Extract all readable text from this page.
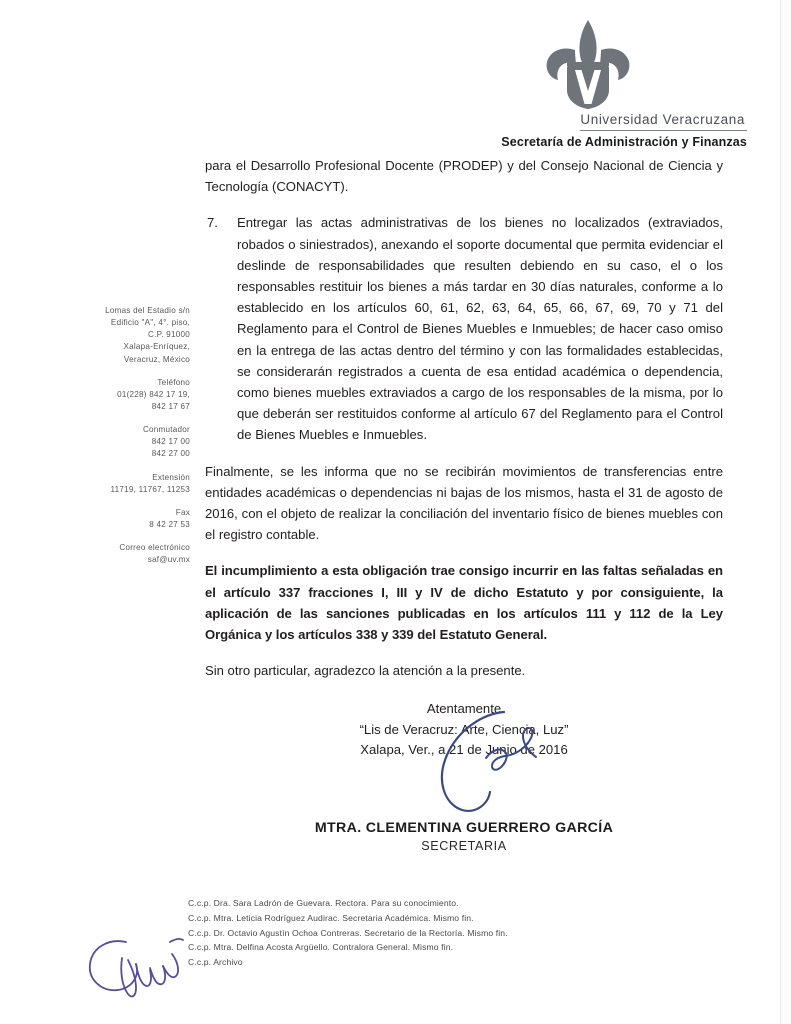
Universidad Veracruzana
Secretaría de Administración y Finanzas
Lomas del Estadio s/n
Edificio "A", 4°. piso,
C.P. 91000
Xalapa-Enríquez,
Veracruz, México
Teléfono
01(228) 842 17 19,
842 17 67
Conmutador
842 17 00
842 27 00
Extensión
11719, 11767, 11253
Fax
8 42 27 53
Correo electrónico
saf@uv.mx

para el Desarrollo Profesional Docente (PRODEP) y del Consejo Nacional de Ciencia y Tecnología (CONACYT).

7.	Entregar las actas administrativas de los bienes no localizados (extraviados, robados o siniestrados), anexando el soporte documental que permita evidenciar el deslinde de responsabilidades que resulten debiendo en su caso, el o los responsables restituir los bienes a más tardar en 30 días naturales, conforme a lo establecido en los artículos 60, 61, 62, 63, 64, 65, 66, 67, 69, 70 y 71 del Reglamento para el Control de Bienes Muebles e Inmuebles; de hacer caso omiso en la entrega de las actas dentro del término y con las formalidades establecidas, se considerarán registrados a cuenta de esa entidad académica o dependencia, como bienes muebles extraviados a cargo de los responsables de la misma, por lo que deberán ser restituidos conforme al artículo 67 del Reglamento para el Control de Bienes Muebles e Inmuebles.

Finalmente, se les informa que no se recibirán movimientos de transferencias entre entidades académicas o dependencias ni bajas de los mismos, hasta el 31 de agosto de 2016, con el objeto de realizar la conciliación del inventario físico de bienes muebles con el registro contable.

El incumplimiento a esta obligación trae consigo incurrir en las faltas señaladas en el artículo 337 fracciones I, III y IV de dicho Estatuto y por consiguiente, la aplicación de las sanciones publicadas en los artículos 111 y 112 de la Ley Orgánica y los artículos 338 y 339 del Estatuto General.

Sin otro particular, agradezco la atención a la presente.

Atentamente
“Lis de Veracruz: Arte, Ciencia, Luz”
Xalapa, Ver., a 21 de Junio de 2016
MTRA. CLEMENTINA GUERRERO GARCÍA
SECRETARIA
C.c.p. Dra. Sara Ladrón de Guevara. Rectora. Para su conocimiento.
C.c.p. Mtra. Leticia Rodríguez Audirac. Secretaria Académica. Mismo fin.
C.c.p. Dr. Octavio Agustín Ochoa Contreras. Secretario de la Rectoría. Mismo fin.
C.c.p. Mtra. Delfina Acosta Argüello. Contralora General. Mismo fin.
C.c.p. Archivo
